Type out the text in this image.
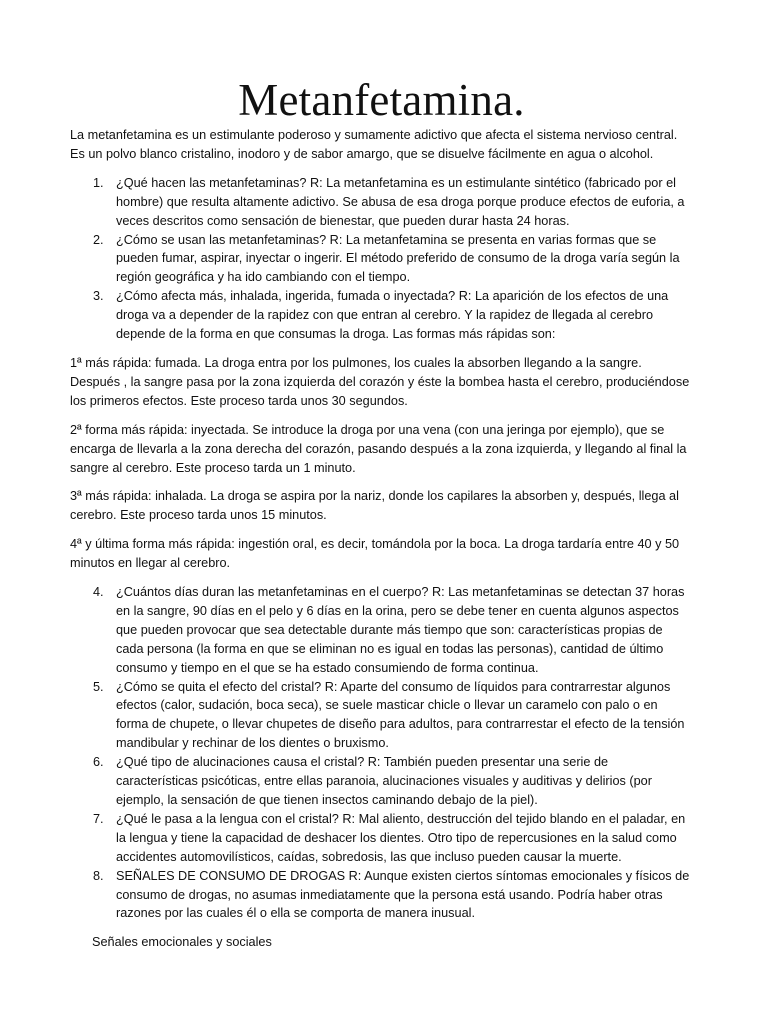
Metanfetamina.

La metanfetamina es un estimulante poderoso y sumamente adictivo que afecta el sistema nervioso central. Es un polvo blanco cristalino, inodoro y de sabor amargo, que se disuelve fácilmente en agua o alcohol.

1. ¿Qué hacen las metanfetaminas? R: La metanfetamina es un estimulante sintético (fabricado por el hombre) que resulta altamente adictivo. Se abusa de esa droga porque produce efectos de euforia, a veces descritos como sensación de bienestar, que pueden durar hasta 24 horas.
2. ¿Cómo se usan las metanfetaminas? R: La metanfetamina se presenta en varias formas que se pueden fumar, aspirar, inyectar o ingerir. El método preferido de consumo de la droga varía según la región geográfica y ha ido cambiando con el tiempo.
3. ¿Cómo afecta más, inhalada, ingerida, fumada o inyectada? R: La aparición de los efectos de una droga va a depender de la rapidez con que entran al cerebro. Y la rapidez de llegada al cerebro depende de la forma en que consumas la droga. Las formas más rápidas son:

1ª más rápida: fumada. La droga entra por los pulmones, los cuales la absorben llegando a la sangre. Después , la sangre pasa por la zona izquierda del corazón y éste la bombea hasta el cerebro, produciéndose los primeros efectos. Este proceso tarda unos 30 segundos.

2ª forma más rápida: inyectada. Se introduce la droga por una vena (con una jeringa por ejemplo), que se encarga de llevarla a la zona derecha del corazón, pasando después a la zona izquierda, y llegando al final la sangre al cerebro. Este proceso tarda un 1 minuto.

3ª más rápida: inhalada. La droga se aspira por la nariz, donde los capilares la absorben y, después, llega al cerebro. Este proceso tarda unos 15 minutos.

4ª y última forma más rápida: ingestión oral, es decir, tomándola por la boca. La droga tardaría entre 40 y 50 minutos en llegar al cerebro.

4. ¿Cuántos días duran las metanfetaminas en el cuerpo? R: Las metanfetaminas se detectan 37 horas en la sangre, 90 días en el pelo y 6 días en la orina, pero se debe tener en cuenta algunos aspectos que pueden provocar que sea detectable durante más tiempo que son: características propias de cada persona (la forma en que se eliminan no es igual en todas las personas), cantidad de último consumo y tiempo en el que se ha estado consumiendo de forma continua.
5. ¿Cómo se quita el efecto del cristal? R: Aparte del consumo de líquidos para contrarrestar algunos efectos (calor, sudación, boca seca), se suele masticar chicle o llevar un caramelo con palo o en forma de chupete, o llevar chupetes de diseño para adultos, para contrarrestar el efecto de la tensión mandibular y rechinar de los dientes o bruxismo.
6. ¿Qué tipo de alucinaciones causa el cristal? R: También pueden presentar una serie de características psicóticas, entre ellas paranoia, alucinaciones visuales y auditivas y delirios (por ejemplo, la sensación de que tienen insectos caminando debajo de la piel).
7. ¿Qué le pasa a la lengua con el cristal? R: Mal aliento, destrucción del tejido blando en el paladar, en la lengua y tiene la capacidad de deshacer los dientes. Otro tipo de repercusiones en la salud como accidentes automovilísticos, caídas, sobredosis, las que incluso pueden causar la muerte.
8. SEÑALES DE CONSUMO DE DROGAS R: Aunque existen ciertos síntomas emocionales y físicos de consumo de drogas, no asumas inmediatamente que la persona está usando. Podría haber otras razones por las cuales él o ella se comporta de manera inusual.

Señales emocionales y sociales
